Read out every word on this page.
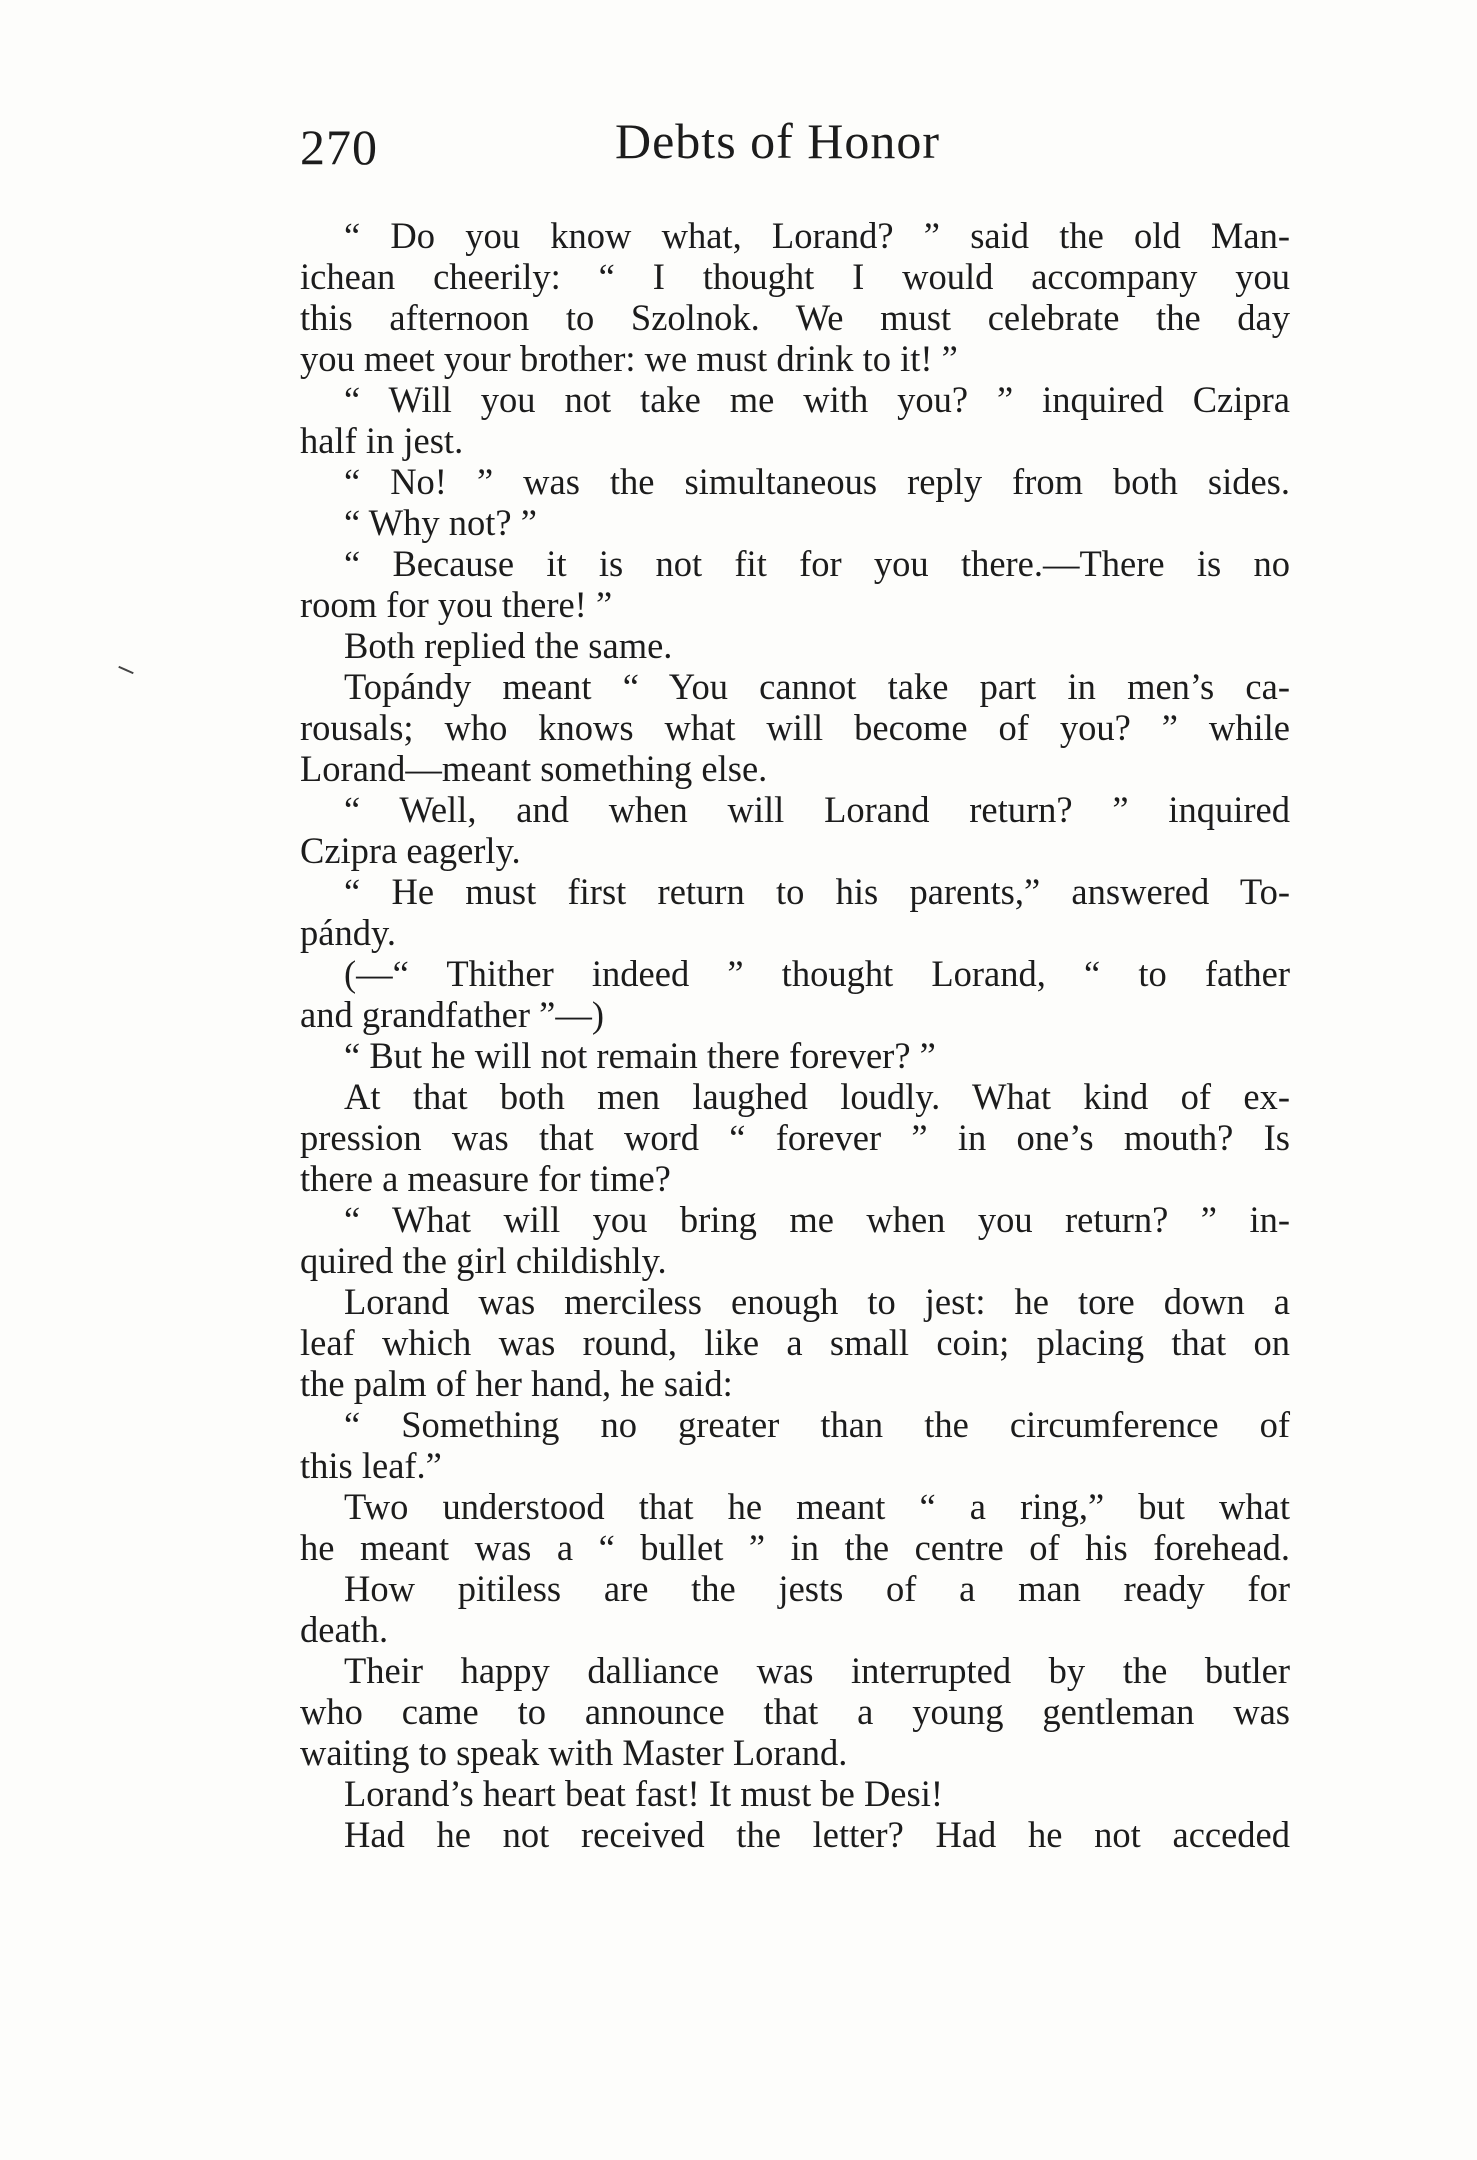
270	Debts of Honor
“ Do you know what, Lorand? ” said the old Man-
ichean cheerily: “ I thought I would accompany you
this afternoon to Szolnok. We must celebrate the day
you meet your brother: we must drink to it! ”
“ Will you not take me with you? ” inquired Czipra
half in jest.
“ No! ” was the simultaneous reply from both sides.
“ Why not? ”
“ Because it is not fit for you there.—There is no
room for you there! ”
Both replied the same.
Topándy meant “ You cannot take part in men’s ca-
rousals; who knows what will become of you? ” while
Lorand—meant something else.
“ Well, and when will Lorand return? ” inquired
Czipra eagerly.
“ He must first return to his parents,” answered To-
pándy.
(—“ Thither indeed ” thought Lorand, “ to father
and grandfather ”—)
“ But he will not remain there forever? ”
At that both men laughed loudly. What kind of ex-
pression was that word “ forever ” in one’s mouth? Is
there a measure for time?
“ What will you bring me when you return? ” in-
quired the girl childishly.
Lorand was merciless enough to jest: he tore down a
leaf which was round, like a small coin; placing that on
the palm of her hand, he said:
“ Something no greater than the circumference of
this leaf.”
Two understood that he meant “ a ring,” but what
he meant was a “ bullet ” in the centre of his forehead.
How pitiless are the jests of a man ready for
death.
Their happy dalliance was interrupted by the butler
who came to announce that a young gentleman was
waiting to speak with Master Lorand.
Lorand’s heart beat fast! It must be Desi!
Had he not received the letter? Had he not acceded
